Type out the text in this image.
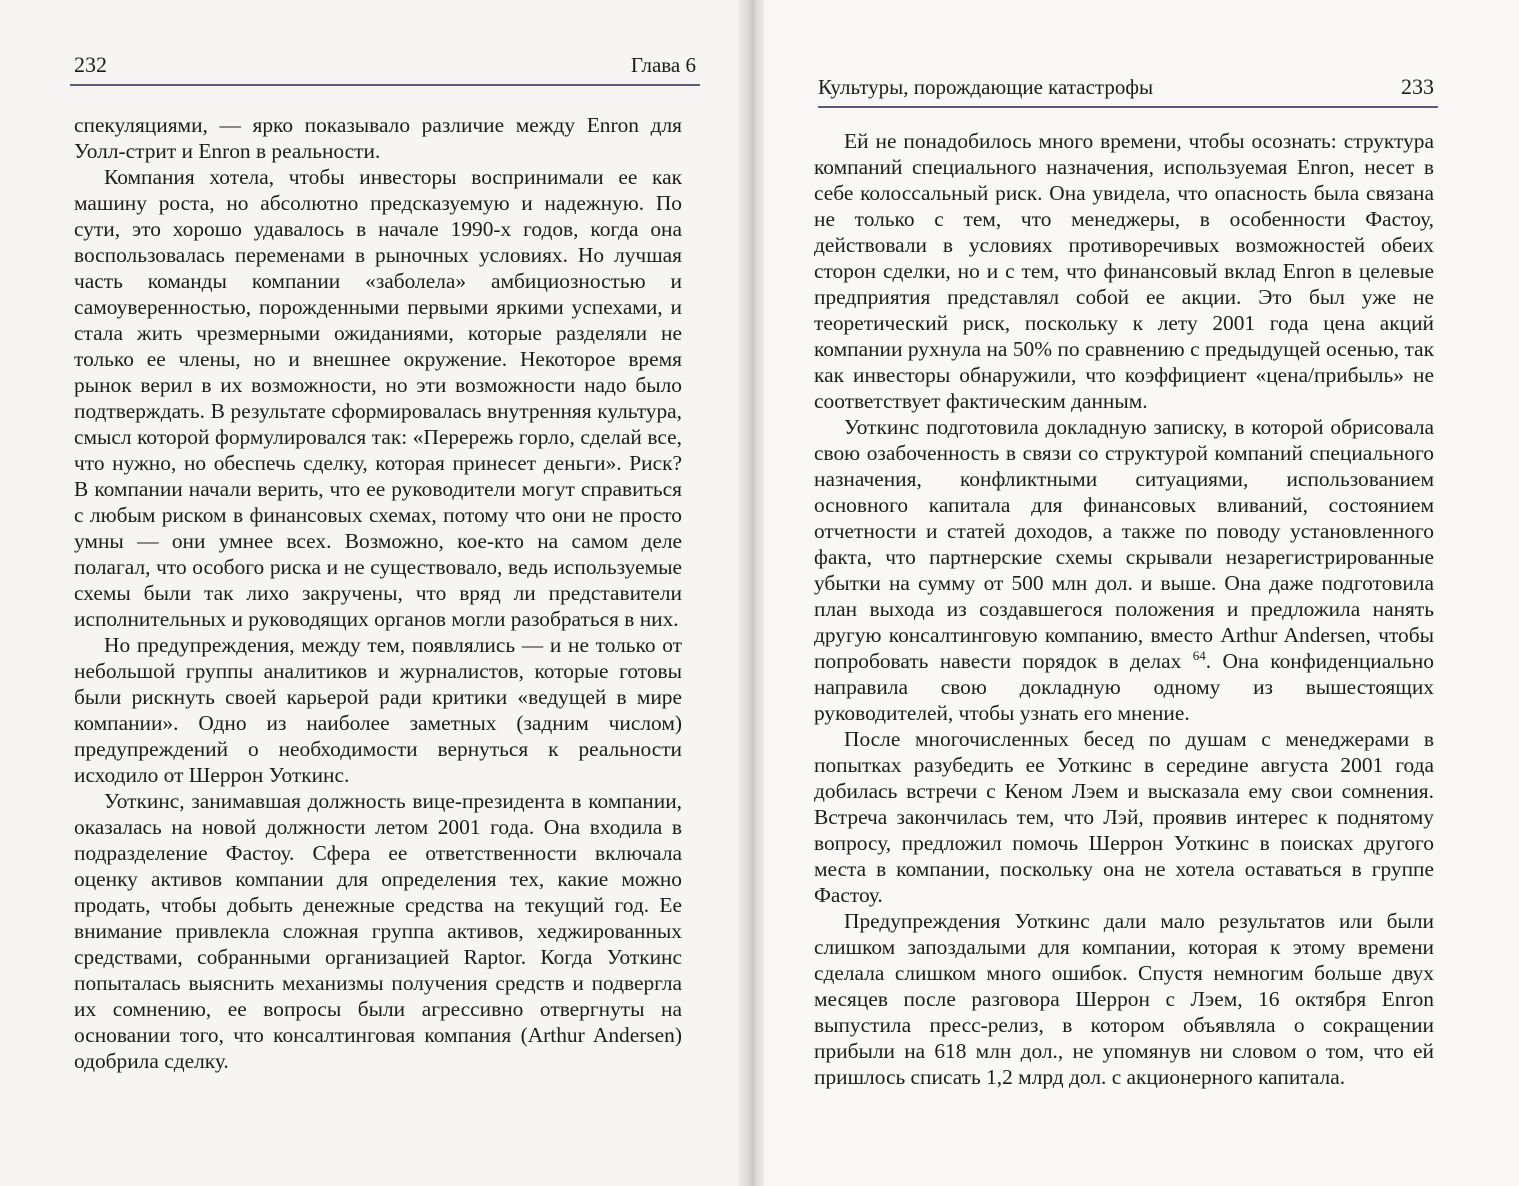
232	Глава 6

спекуляциями, — ярко показывало различие между Enron для Уолл-стрит и Enron в реальности.

Компания хотела, чтобы инвесторы воспринимали ее как машину роста, но абсолютно предсказуемую и надежную. По сути, это хорошо удавалось в начале 1990-х годов, когда она воспользовалась переменами в рыночных условиях. Но лучшая часть команды компании «заболела» амбициозностью и самоуверенностью, порожденными первыми яркими успехами, и стала жить чрезмерными ожиданиями, которые разделяли не только ее члены, но и внешнее окружение. Некоторое время рынок верил в их возможности, но эти возможности надо было подтверждать. В результате сформировалась внутренняя культура, смысл которой формулировался так: «Перережь горло, сделай все, что нужно, но обеспечь сделку, которая принесет деньги». Риск? В компании начали верить, что ее руководители могут справиться с любым риском в финансовых схемах, потому что они не просто умны — они умнее всех. Возможно, кое-кто на самом деле полагал, что особого риска и не существовало, ведь используемые схемы были так лихо закручены, что вряд ли представители исполнительных и руководящих органов могли разобраться в них.

Но предупреждения, между тем, появлялись — и не только от небольшой группы аналитиков и журналистов, которые готовы были рискнуть своей карьерой ради критики «ведущей в мире компании». Одно из наиболее заметных (задним числом) предупреждений о необходимости вернуться к реальности исходило от Шеррон Уоткинс.

Уоткинс, занимавшая должность вице-президента в компании, оказалась на новой должности летом 2001 года. Она входила в подразделение Фастоу. Сфера ее ответственности включала оценку активов компании для определения тех, какие можно продать, чтобы добыть денежные средства на текущий год. Ее внимание привлекла сложная группа активов, хеджированных средствами, собранными организацией Raptor. Когда Уоткинс попыталась выяснить механизмы получения средств и подвергла их сомнению, ее вопросы были агрессивно отвергнуты на основании того, что консалтинговая компания (Arthur Andersen) одобрила сделку.

Культуры, порождающие катастрофы	233

Ей не понадобилось много времени, чтобы осознать: структура компаний специального назначения, используемая Enron, несет в себе колоссальный риск. Она увидела, что опасность была связана не только с тем, что менеджеры, в особенности Фастоу, действовали в условиях противоречивых возможностей обеих сторон сделки, но и с тем, что финансовый вклад Enron в целевые предприятия представлял собой ее акции. Это был уже не теоретический риск, поскольку к лету 2001 года цена акций компании рухнула на 50% по сравнению с предыдущей осенью, так как инвесторы обнаружили, что коэффициент «цена/прибыль» не соответствует фактическим данным.

Уоткинс подготовила докладную записку, в которой обрисовала свою озабоченность в связи со структурой компаний специального назначения, конфликтными ситуациями, использованием основного капитала для финансовых вливаний, состоянием отчетности и статей доходов, а также по поводу установленного факта, что партнерские схемы скрывали незарегистрированные убытки на сумму от 500 млн дол. и выше. Она даже подготовила план выхода из создавшегося положения и предложила нанять другую консалтинговую компанию, вместо Arthur Andersen, чтобы попробовать навести порядок в делах $^{64}$. Она конфиденциально направила свою докладную одному из вышестоящих руководителей, чтобы узнать его мнение.

После многочисленных бесед по душам с менеджерами в попытках разубедить ее Уоткинс в середине августа 2001 года добилась встречи с Кеном Лэем и высказала ему свои сомнения. Встреча закончилась тем, что Лэй, проявив интерес к поднятому вопросу, предложил помочь Шеррон Уоткинс в поисках другого места в компании, поскольку она не хотела оставаться в группе Фастоу.

Предупреждения Уоткинс дали мало результатов или были слишком запоздалыми для компании, которая к этому времени сделала слишком много ошибок. Спустя немногим больше двух месяцев после разговора Шеррон с Лэем, 16 октября Enron выпустила пресс-релиз, в котором объявляла о сокращении прибыли на 618 млн дол., не упомянув ни словом о том, что ей пришлось списать 1,2 млрд дол. с акционерного капитала.
